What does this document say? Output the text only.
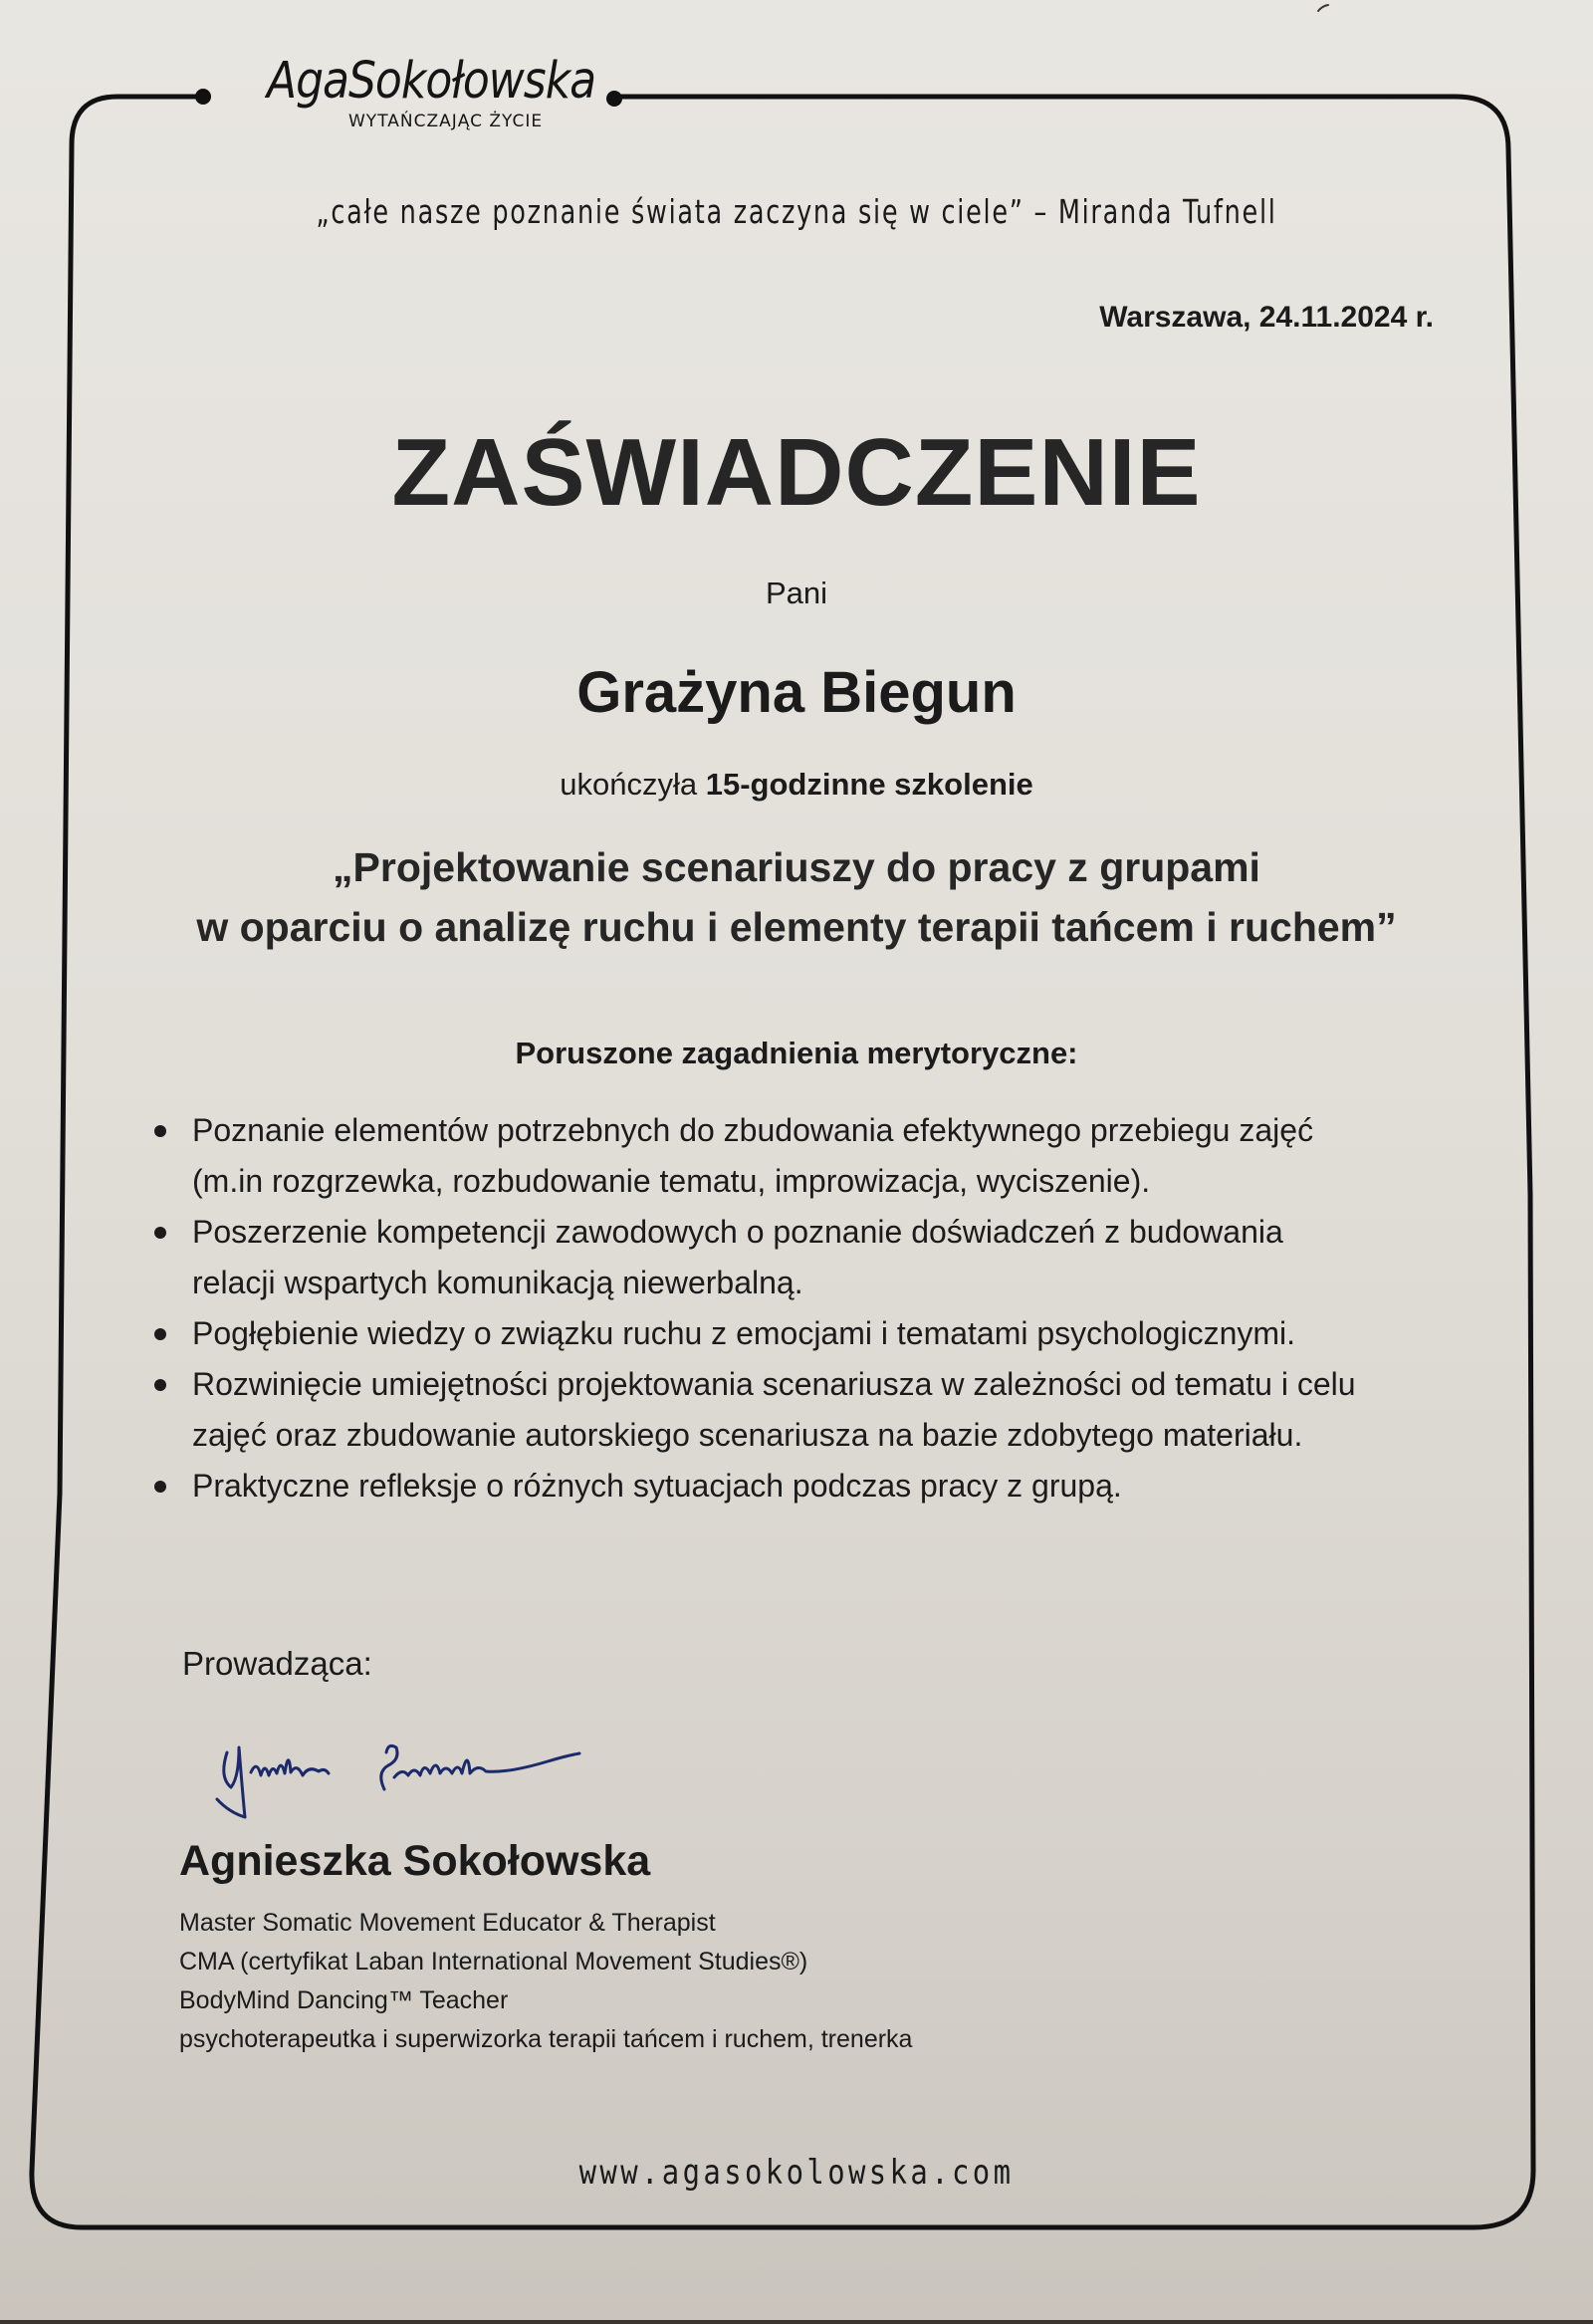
AgaSokołowska
WYTAŃCZAJĄC ŻYCIE
„całe nasze poznanie świata zaczyna się w ciele” – Miranda Tufnell
Warszawa, 24.11.2024 r.
ZAŚWIADCZENIE
Pani
Grażyna Biegun
ukończyła 15-godzinne szkolenie
„Projektowanie scenariuszy do pracy z grupami
w oparciu o analizę ruchu i elementy terapii tańcem i ruchem”
Poruszone zagadnienia merytoryczne:
Poznanie elementów potrzebnych do zbudowania efektywnego przebiegu zajęć
(m.in rozgrzewka, rozbudowanie tematu, improwizacja, wyciszenie).
Poszerzenie kompetencji zawodowych o poznanie doświadczeń z budowania
relacji wspartych komunikacją niewerbalną.
Pogłębienie wiedzy o związku ruchu z emocjami i tematami psychologicznymi.
Rozwinięcie umiejętności projektowania scenariusza w zależności od tematu i celu
zajęć oraz zbudowanie autorskiego scenariusza na bazie zdobytego materiału.
Praktyczne refleksje o różnych sytuacjach podczas pracy z grupą.
Prowadząca:
Agnieszka Sokołowska
Master Somatic Movement Educator & Therapist
CMA (certyfikat Laban International Movement Studies®)
BodyMind Dancing™ Teacher
psychoterapeutka i superwizorka terapii tańcem i ruchem, trenerka
www.agasokolowska.com
